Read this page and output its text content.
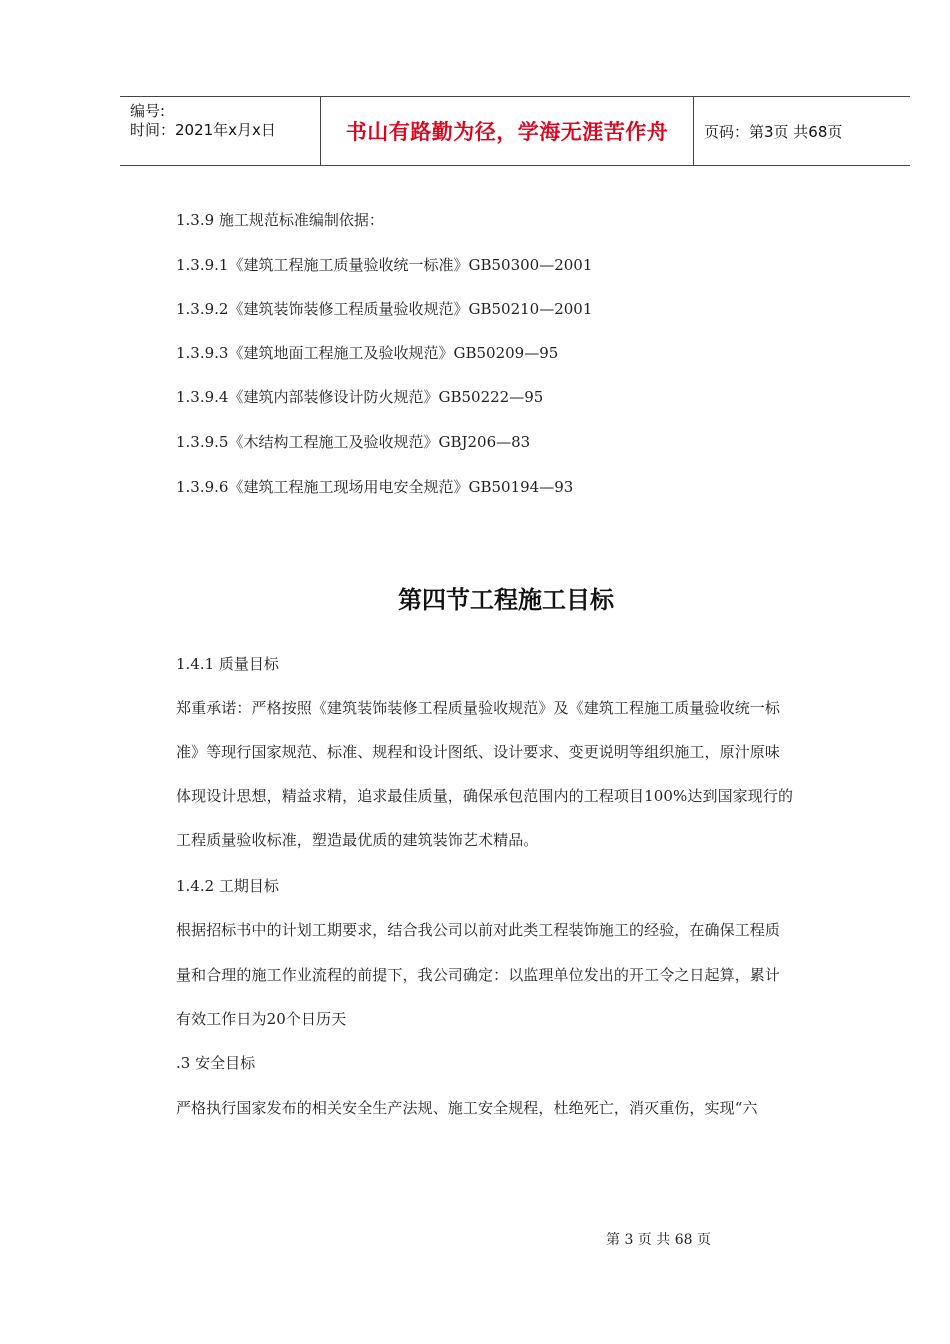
编号:
时间：2021年x月x日	书山有路勤为径，学海无涯苦作舟	页码：第3页 共68页
1.3.9 施工规范标准编制依据：
1.3.9.1《建筑工程施工质量验收统一标准》GB50300—2001
1.3.9.2《建筑装饰装修工程质量验收规范》GB50210—2001
1.3.9.3《建筑地面工程施工及验收规范》GB50209—95
1.3.9.4《建筑内部装修设计防火规范》GB50222—95
1.3.9.5《木结构工程施工及验收规范》GBJ206—83
1.3.9.6《建筑工程施工现场用电安全规范》GB50194—93
第四节工程施工目标
1.4.1 质量目标
郑重承诺：严格按照《建筑装饰装修工程质量验收规范》及《建筑工程施工质量验收统一标
准》等现行国家规范、标准、规程和设计图纸、设计要求、变更说明等组织施工，原汁原味
体现设计思想，精益求精，追求最佳质量，确保承包范围内的工程项目100%达到国家现行的
工程质量验收标准，塑造最优质的建筑装饰艺术精品。
1.4.2 工期目标
根据招标书中的计划工期要求，结合我公司以前对此类工程装饰施工的经验，在确保工程质
量和合理的施工作业流程的前提下，我公司确定：以监理单位发出的开工令之日起算，累计
有效工作日为20个日历天
.3 安全目标
严格执行国家发布的相关安全生产法规、施工安全规程，杜绝死亡，消灭重伤，实现“六
第 3 页 共 68 页
